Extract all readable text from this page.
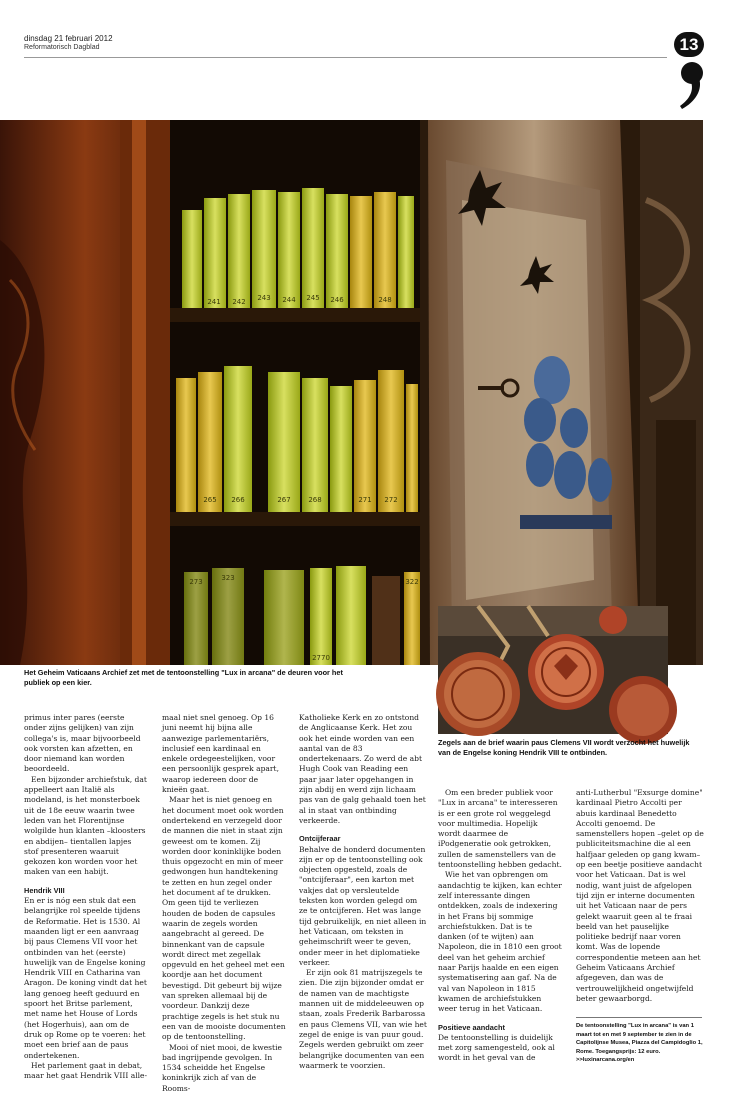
dinsdag 21 februari 2012
Reformatorisch Dagblad	13
241 242 243 244 245 246	248
265 266	267	268	271 272
273	322
323
2770
Het Geheim Vaticaans Archief zet met de tentoonstelling "Lux in arcana" de deuren voor het publiek op een kier.
Zegels aan de brief waarin paus Clemens VII wordt verzocht het huwelijk van de Engelse koning Hendrik VIII te ontbinden.

primus inter pares (eerste onder zijns gelijken) van zijn collega's is, maar bijvoorbeeld ook vorsten kan afzetten, en door niemand kan worden beoordeeld.

Een bijzonder archiefstuk, dat appelleert aan Italië als modeland, is het monsterboek uit de 18e eeuw waarin twee leden van het Florentijnse wolgilde hun klanten –kloosters en abdijen– tientallen lapjes stof presenteren waaruit gekozen kon worden voor het maken van een habijt.

Hendrik VIII

En er is nóg een stuk dat een belangrijke rol speelde tijdens de Reformatie. Het is 1530. Al maanden ligt er een aanvraag bij paus Clemens VII voor het ontbinden van het (eerste) huwelijk van de Engelse koning Hendrik VIII en Catharina van Aragon. De koning vindt dat het lang genoeg heeft geduurd en spoort het Britse parlement, met name het House of Lords (het Hogerhuis), aan om de druk op Rome op te voeren: het moet een brief aan de paus ondertekenen.

Het parlement gaat in debat, maar het gaat Hendrik VIII alle-

maal niet snel genoeg. Op 16 juni neemt hij bijna alle aanwezige parlementariërs, inclusief een kardinaal en enkele ordegeestelijken, voor een persoonlijk gesprek apart, waarop iedereen door de knieën gaat.

Maar het is niet genoeg en het document moet ook worden ondertekend en verzegeld door de mannen die niet in staat zijn geweest om te komen. Zij worden door koninklijke boden thuis opgezocht en min of meer gedwongen hun handtekening te zetten en hun zegel onder het document af te drukken. Om geen tijd te verliezen houden de boden de capsules waarin de zegels worden aangebracht al gereed. De binnenkant van de capsule wordt direct met zegellak opgevuld en het geheel met een koordje aan het document bevestigd. Dit gebeurt bij wijze van spreken allemaal bij de voordeur. Dankzij deze prachtige zegels is het stuk nu een van de mooiste documenten op de tentoonstelling.

Mooi of niet mooi, de kwestie bad ingrijpende gevolgen. In 1534 scheidde het Engelse koninkrijk zich af van de Rooms-

Katholieke Kerk en zo ontstond de Anglicaanse Kerk. Het zou ook het einde worden van een aantal van de 83 ondertekenaars. Zo werd de abt Hugh Cook van Reading een paar jaar later opgehangen in zijn abdij en werd zijn lichaam pas van de galg gehaald toen het al in staat van ontbinding verkeerde.

Ontcijferaar

Behalve de honderd documenten zijn er op de tentoonstelling ook objecten opgesteld, zoals de "ontcijferaar", een karton met vakjes dat op versleutelde teksten kon worden gelegd om ze te ontcijferen. Het was lange tijd gebruikelijk, en niet alleen in het Vaticaan, om teksten in geheimschrift weer te geven, onder meer in het diplomatieke verkeer.

Er zijn ook 81 matrijszegels te zien. Die zijn bijzonder omdat er de namen van de machtigste mannen uit de middeleeuwen op staan, zoals Frederik Barbarossa en paus Clemens VII, van wie het zegel de enige is van puur goud. Zegels werden gebruikt om zeer belangrijke documenten van een waarmerk te voorzien.

Om een breder publiek voor "Lux in arcana" te interesseren is er een grote rol weggelegd voor multimedia. Hopelijk wordt daarmee de iPodgeneratie ook getrokken, zullen de samenstellers van de tentoonstelling hebben gedacht.

Wie het van opbrengen om aandachtig te kijken, kan echter zelf interessante dingen ontdekken, zoals de indexering in het Frans bij sommige archiefstukken. Dat is te danken (of te wijten) aan Napoleon, die in 1810 een groot deel van het geheim archief naar Parijs haalde en een eigen systematisering aan gaf. Na de val van Napoleon in 1815 kwamen de archiefstukken weer terug in het Vaticaan.

Positieve aandacht

De tentoonstelling is duidelijk met zorg samengesteld, ook al wordt in het geval van de

anti-Lutherbul "Exsurge domine" kardinaal Pietro Accolti per abuis kardinaal Benedetto Accolti genoemd. De samenstellers hopen –gelet op de publiciteitsmachine die al een halfjaar geleden op gang kwam– op een beetje positieve aandacht voor het Vaticaan. Dat is wel nodig, want juist de afgelopen tijd zijn er interne documenten uit het Vaticaan naar de pers gelekt waaruit geen al te fraai beeld van het pauselijke politieke bedrijf naar voren komt. Was de lopende correspondentie meteen aan het Geheim Vaticaans Archief afgegeven, dan was de vertrouwelijkheid ongetwijfeld beter gewaarborgd.

De tentoonstelling "Lux in arcana" is van 1 maart tot en met 9 september te zien in de Capitolijnse Musea, Piazza del Campidoglio 1, Rome. Toegangsprijs: 12 euro.
>>luxinarcana.org/en
